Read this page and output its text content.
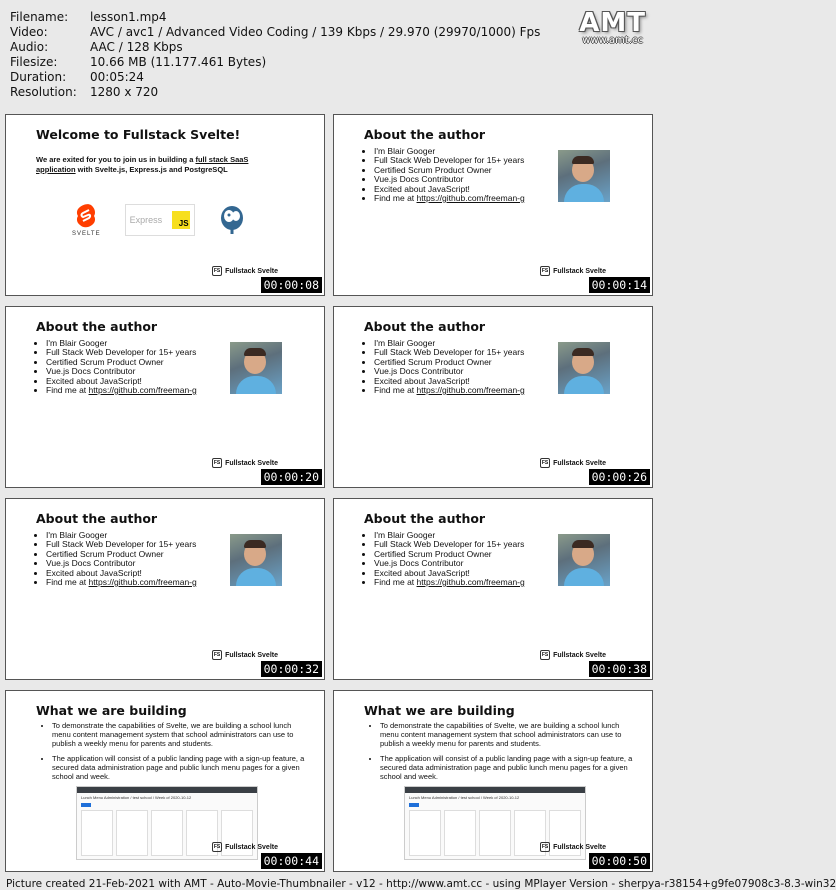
Filename:	lesson1.mp4
Video:	AVC / avc1 / Advanced Video Coding / 139 Kbps / 29.970 (29970/1000) Fps
Audio:	AAC / 128 Kbps
Filesize:	10.66 MB (11.177.461 Bytes)
Duration:	00:05:24
Resolution:	1280 x 720
AMT
www.amt.cc
Welcome to Fullstack Svelte!
We are exited for you to join us in building a full stack SaaS application with Svelte.js, Express.js and PostgreSQL
SVELTE
Express	JS
FS Fullstack Svelte
00:00:08
About the author
• I'm Blair Googer
• Full Stack Web Developer for 15+ years
• Certified Scrum Product Owner
• Vue.js Docs Contributor
• Excited about JavaScript!
• Find me at https://github.com/freeman-g
FS Fullstack Svelte
00:00:14
About the author
• I'm Blair Googer
• Full Stack Web Developer for 15+ years
• Certified Scrum Product Owner
• Vue.js Docs Contributor
• Excited about JavaScript!
• Find me at https://github.com/freeman-g
FS Fullstack Svelte
00:00:20
About the author
• I'm Blair Googer
• Full Stack Web Developer for 15+ years
• Certified Scrum Product Owner
• Vue.js Docs Contributor
• Excited about JavaScript!
• Find me at https://github.com/freeman-g
FS Fullstack Svelte
00:00:26
About the author
• I'm Blair Googer
• Full Stack Web Developer for 15+ years
• Certified Scrum Product Owner
• Vue.js Docs Contributor
• Excited about JavaScript!
• Find me at https://github.com/freeman-g
FS Fullstack Svelte
00:00:32
About the author
• I'm Blair Googer
• Full Stack Web Developer for 15+ years
• Certified Scrum Product Owner
• Vue.js Docs Contributor
• Excited about JavaScript!
• Find me at https://github.com/freeman-g
FS Fullstack Svelte
00:00:38
What we are building
• To demonstrate the capabilities of Svelte, we are building a school lunch menu content management system that school administrators can use to publish a weekly menu for parents and students.
• The application will consist of a public landing page with a sign-up feature, a secured data administration page and public lunch menu pages for a given school and week.
Lunch Menu Administration / test school / Week of 2020-10-12
FS Fullstack Svelte
00:00:44
What we are building
• To demonstrate the capabilities of Svelte, we are building a school lunch menu content management system that school administrators can use to publish a weekly menu for parents and students.
• The application will consist of a public landing page with a sign-up feature, a secured data administration page and public lunch menu pages for a given school and week.
Lunch Menu Administration / test school / Week of 2020-10-12
FS Fullstack Svelte
00:00:50
Picture created 21-Feb-2021 with AMT - Auto-Movie-Thumbnailer - v12 - http://www.amt.cc - using MPlayer Version - sherpya-r38154+g9fe07908c3-8.3-win32
